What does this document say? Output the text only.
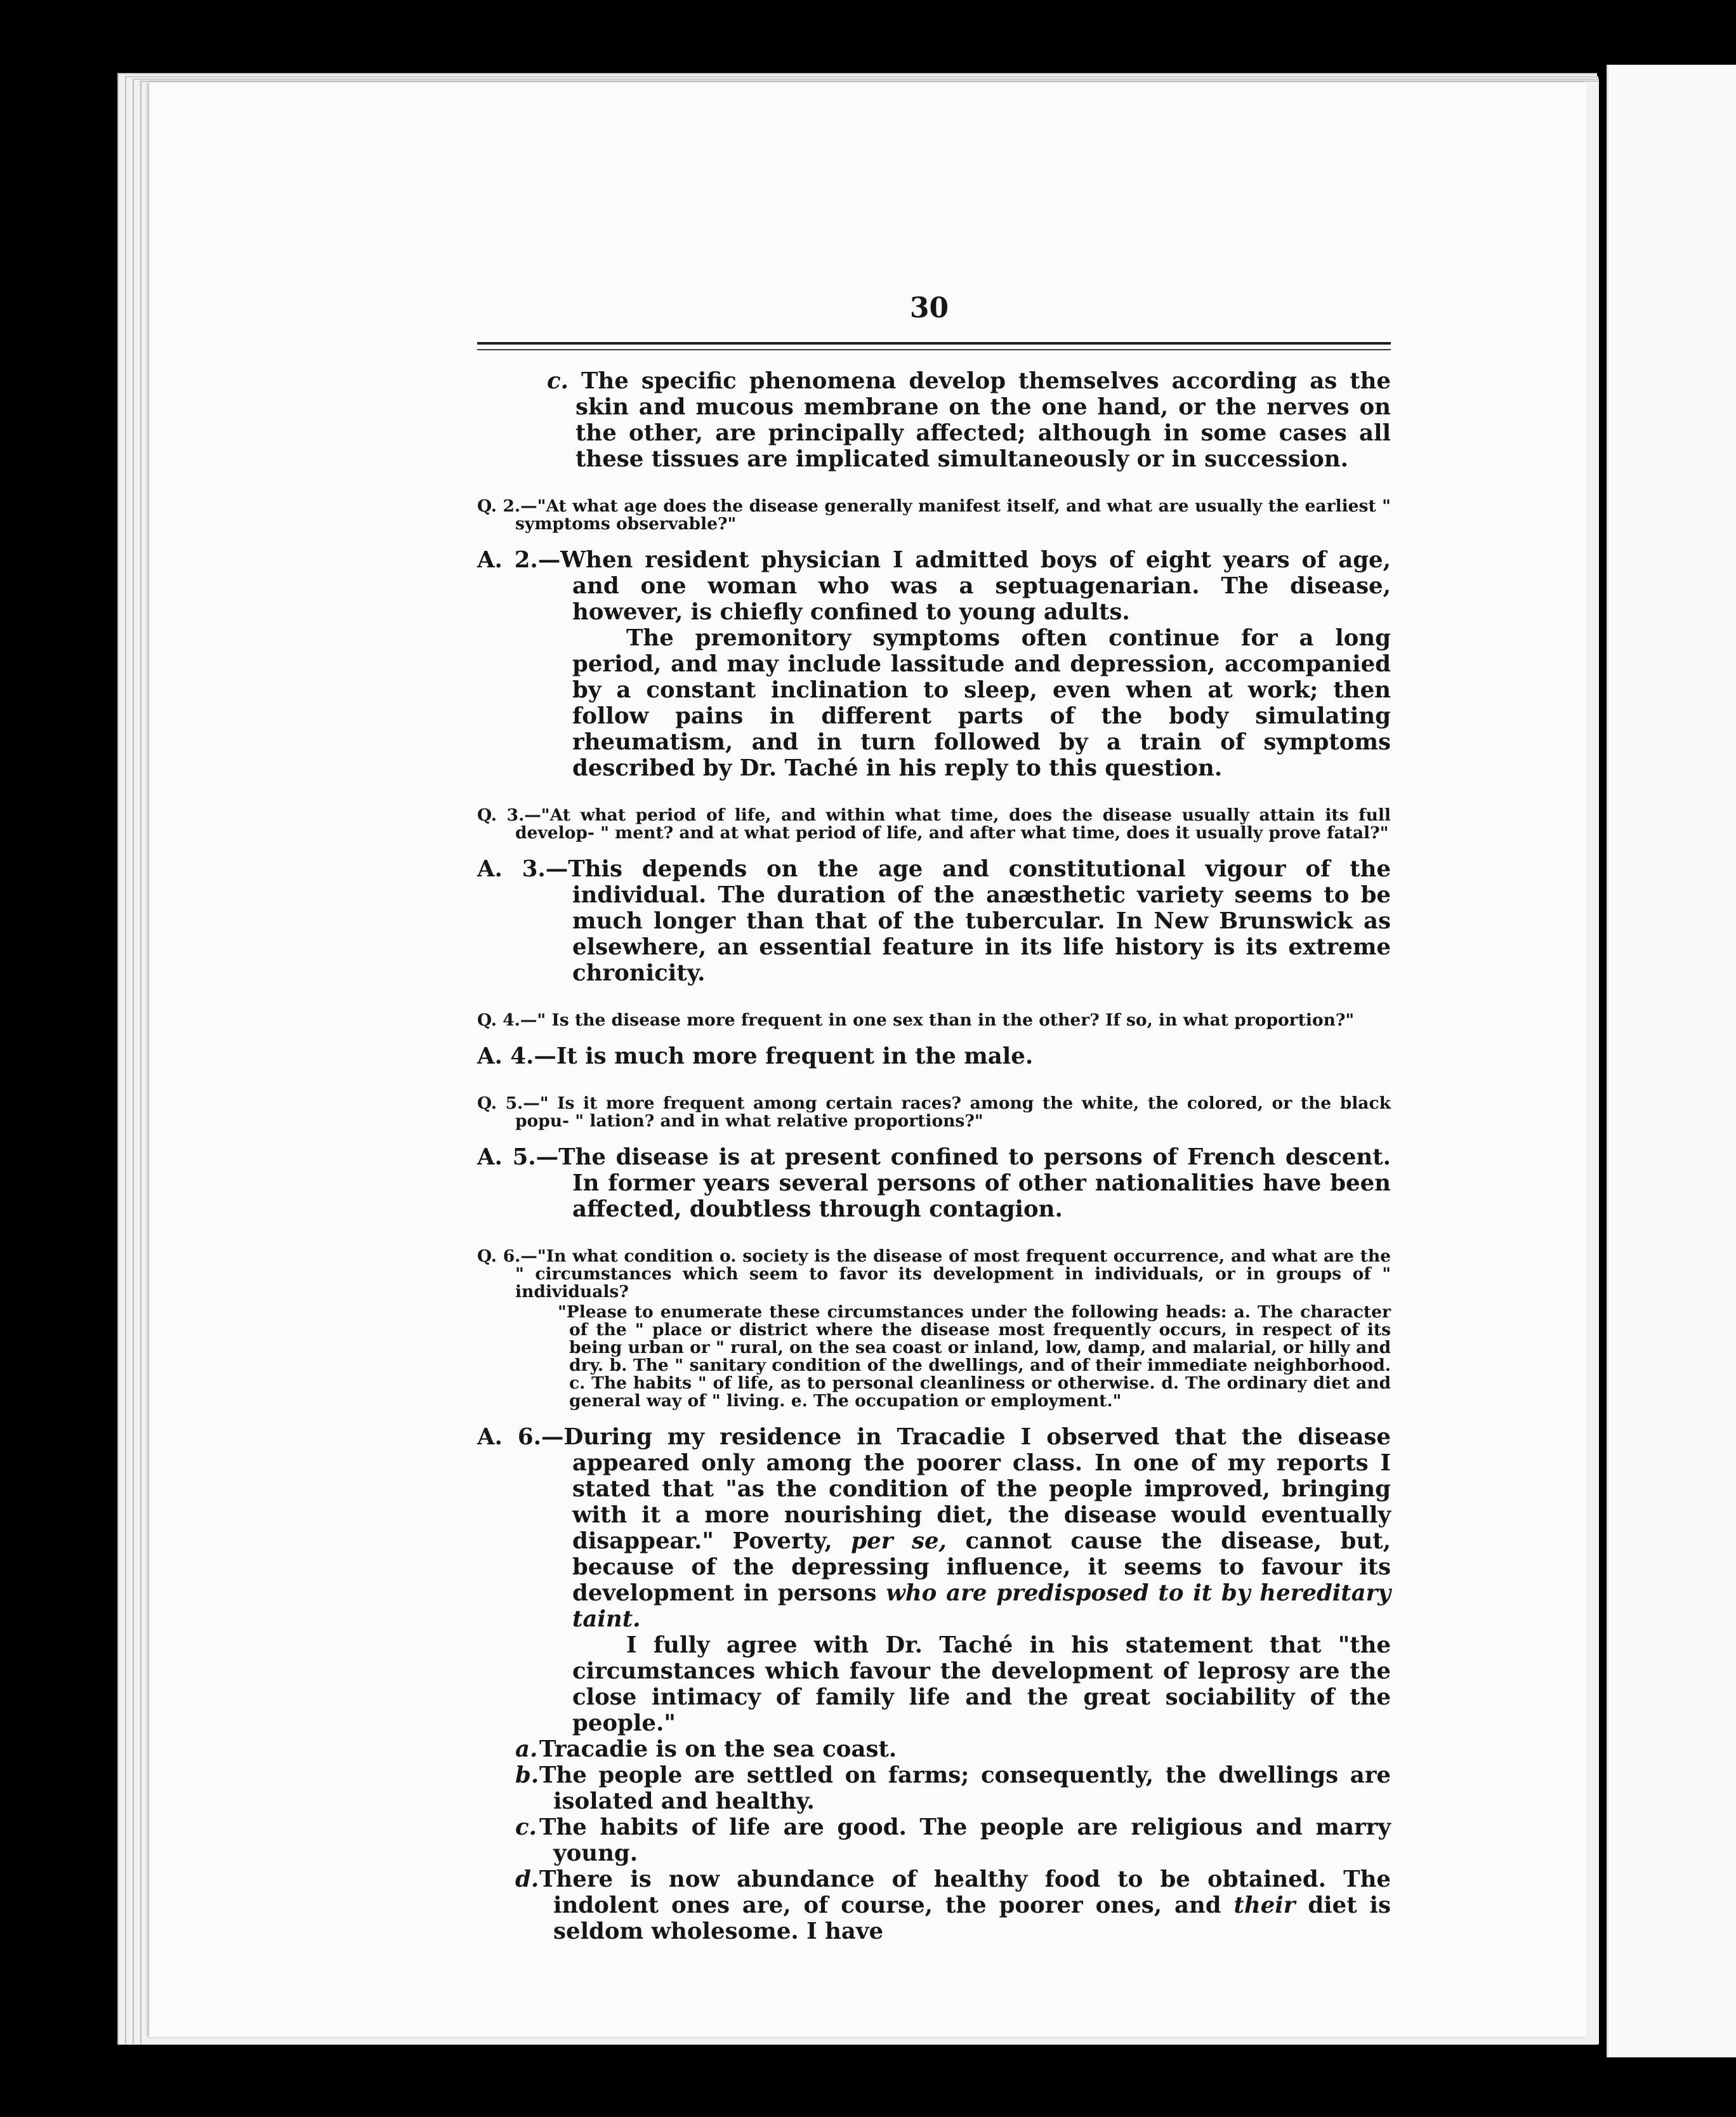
30

c. The specific phenomena develop themselves according as the skin and mucous membrane on the one hand, or the nerves on the other, are principally affected; although in some cases all these tissues are implicated simultaneously or in succession.

Q. 2.—"At what age does the disease generally manifest itself, and what are usually the earliest " symptoms observable?"

A. 2.—When resident physician I admitted boys of eight years of age, and one woman who was a septuagenarian. The disease, however, is chiefly confined to young adults.

The premonitory symptoms often continue for a long period, and may include lassitude and depression, accompanied by a constant inclination to sleep, even when at work; then follow pains in different parts of the body simulating rheumatism, and in turn followed by a train of symptoms described by Dr. Taché in his reply to this question.

Q. 3.—"At what period of life, and within what time, does the disease usually attain its full develop- " ment? and at what period of life, and after what time, does it usually prove fatal?"

A. 3.—This depends on the age and constitutional vigour of the individual. The duration of the anæsthetic variety seems to be much longer than that of the tubercular. In New Brunswick as elsewhere, an essential feature in its life history is its extreme chronicity.

Q. 4.—" Is the disease more frequent in one sex than in the other? If so, in what proportion?"

A. 4.—It is much more frequent in the male.

Q. 5.—" Is it more frequent among certain races? among the white, the colored, or the black popu- " lation? and in what relative proportions?"

A. 5.—The disease is at present confined to persons of French descent. In former years several persons of other nationalities have been affected, doubtless through contagion.

Q. 6.—"In what condition o. society is the disease of most frequent occurrence, and what are the " circumstances which seem to favor its development in individuals, or in groups of " individuals?

"Please to enumerate these circumstances under the following heads: a. The character of the " place or district where the disease most frequently occurs, in respect of its being urban or " rural, on the sea coast or inland, low, damp, and malarial, or hilly and dry. b. The " sanitary condition of the dwellings, and of their immediate neighborhood. c. The habits " of life, as to personal cleanliness or otherwise. d. The ordinary diet and general way of " living. e. The occupation or employment."

A. 6.—During my residence in Tracadie I observed that the disease appeared only among the poorer class. In one of my reports I stated that "as the condition of the people improved, bringing with it a more nourishing diet, the disease would eventually disappear." Poverty, per se, cannot cause the disease, but, because of the depressing influence, it seems to favour its development in persons who are predisposed to it by hereditary taint.

I fully agree with Dr. Taché in his statement that "the circumstances which favour the development of leprosy are the close intimacy of family life and the great sociability of the people."

a.Tracadie is on the sea coast.
b.The people are settled on farms; consequently, the dwellings are isolated and healthy.
c. The habits of life are good. The people are religious and marry young.
d.There is now abundance of healthy food to be obtained. The indolent ones are, of course, the poorer ones, and their diet is seldom wholesome. I have
